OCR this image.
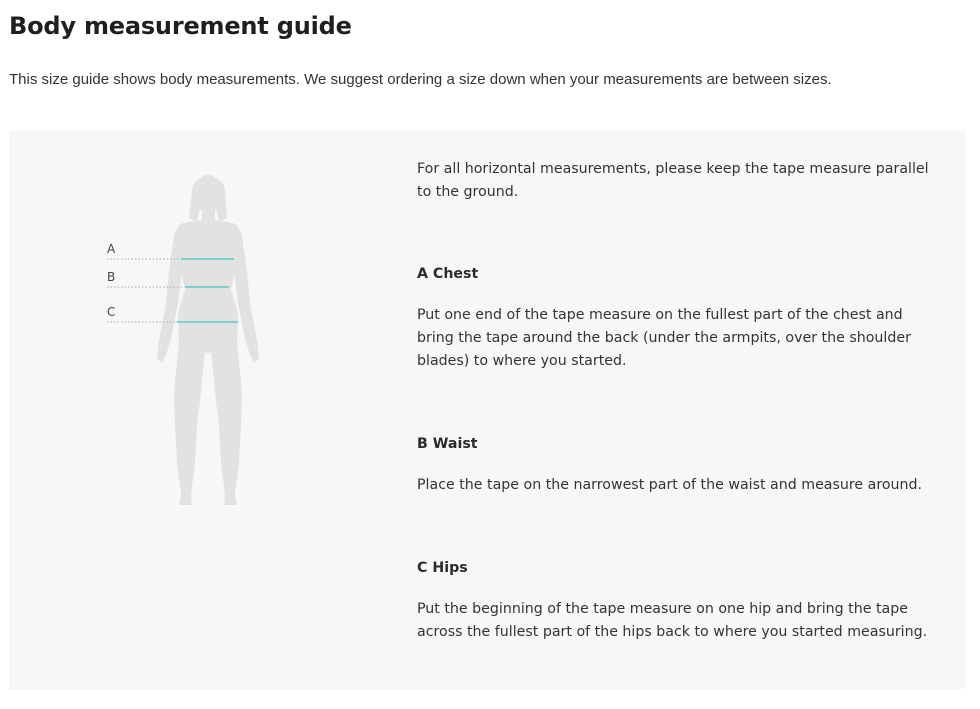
Body measurement guide

This size guide shows body measurements. We suggest ordering a size down when your measurements are between sizes.

A
B
C

For all horizontal measurements, please keep the tape measure parallel to the ground.

A Chest

Put one end of the tape measure on the fullest part of the chest and bring the tape around the back (under the armpits, over the shoulder blades) to where you started.

B Waist

Place the tape on the narrowest part of the waist and measure around.

C Hips

Put the beginning of the tape measure on one hip and bring the tape across the fullest part of the hips back to where you started measuring.
